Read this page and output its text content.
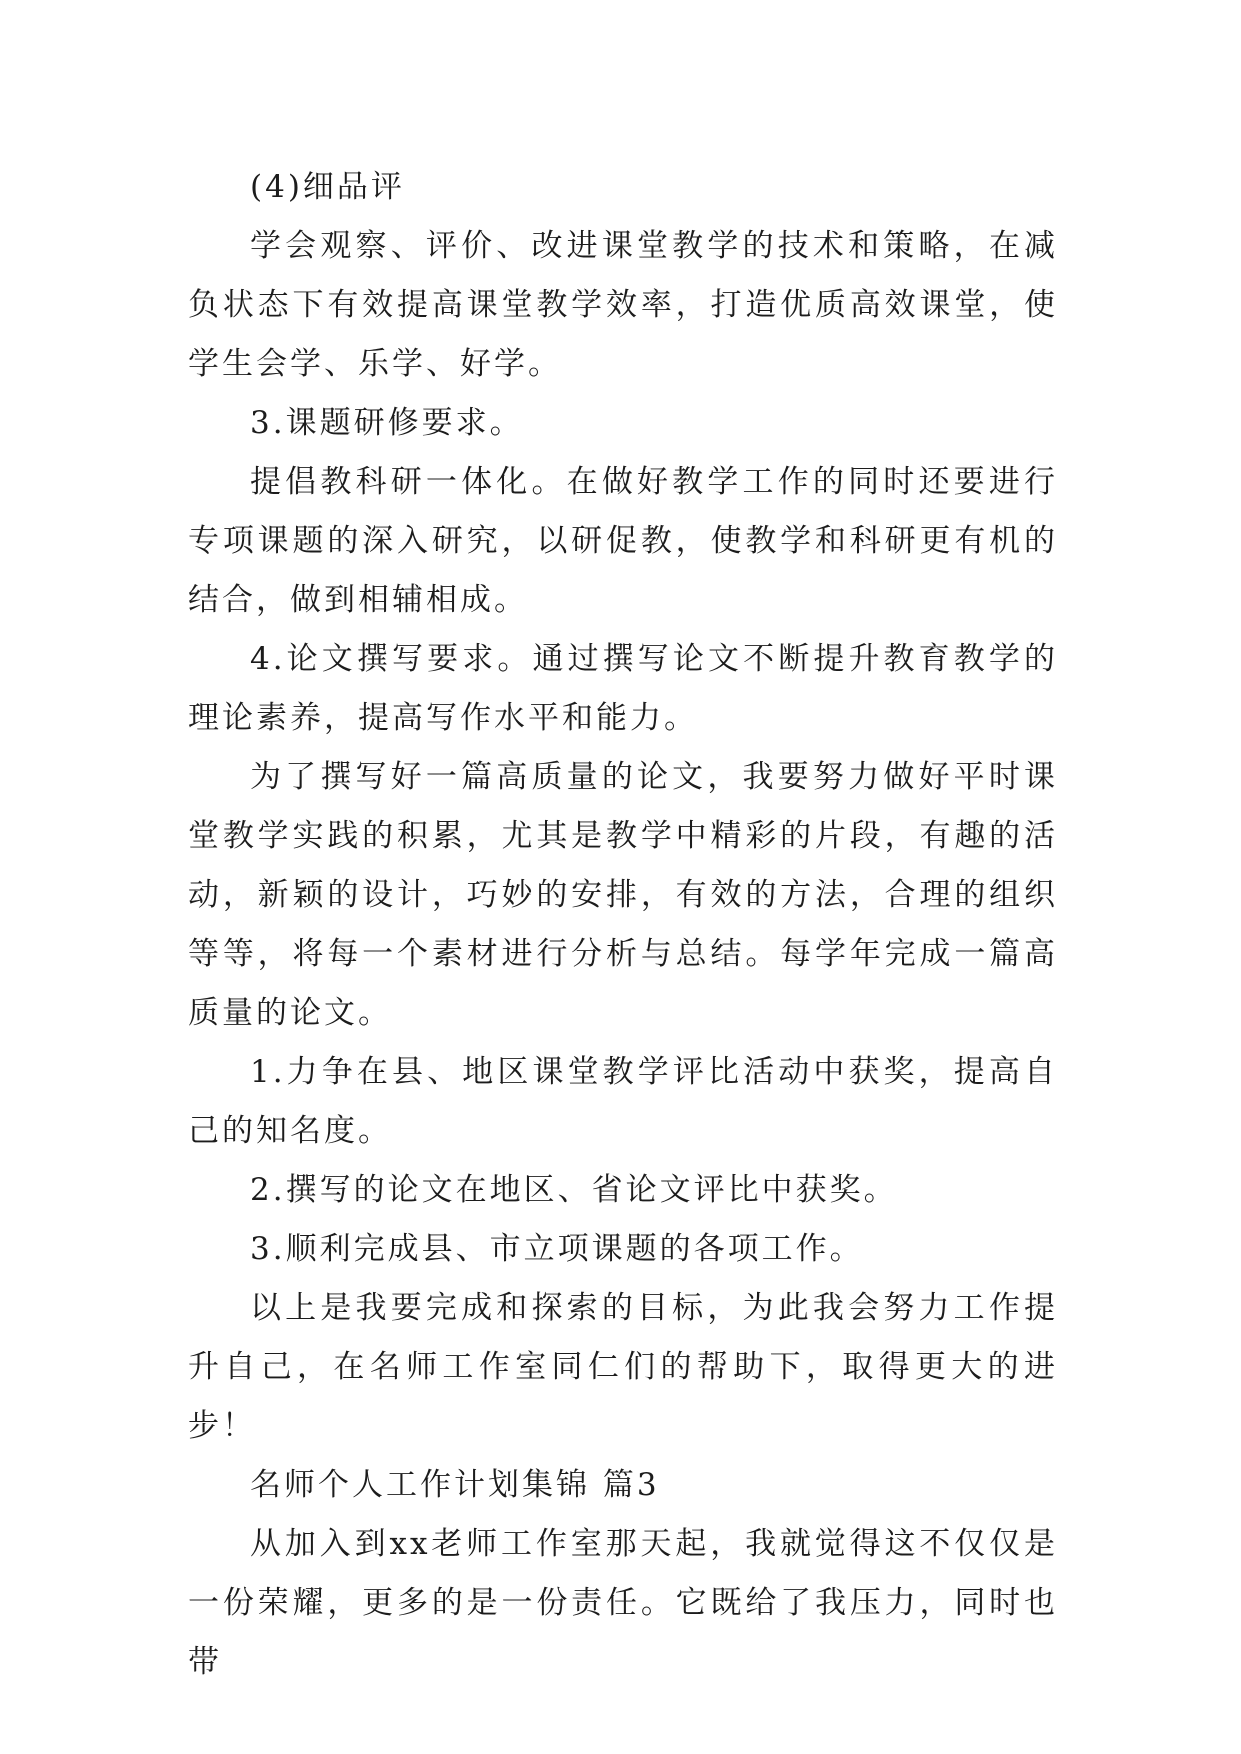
(4)细品评

学会观察、评价、改进课堂教学的技术和策略，在减负状态下有效提高课堂教学效率，打造优质高效课堂，使学生会学、乐学、好学。

3.课题研修要求。

提倡教科研一体化。在做好教学工作的同时还要进行专项课题的深入研究，以研促教，使教学和科研更有机的结合，做到相辅相成。

4.论文撰写要求。通过撰写论文不断提升教育教学的理论素养，提高写作水平和能力。

为了撰写好一篇高质量的论文，我要努力做好平时课堂教学实践的积累，尤其是教学中精彩的片段，有趣的活动，新颖的设计，巧妙的安排，有效的方法，合理的组织等等，将每一个素材进行分析与总结。每学年完成一篇高质量的论文。

1.力争在县、地区课堂教学评比活动中获奖，提高自己的知名度。

2.撰写的论文在地区、省论文评比中获奖。

3.顺利完成县、市立项课题的各项工作。

以上是我要完成和探索的目标，为此我会努力工作提升自己，在名师工作室同仁们的帮助下，取得更大的进步！

名师个人工作计划集锦 篇3

从加入到xx老师工作室那天起，我就觉得这不仅仅是一份荣耀，更多的是一份责任。它既给了我压力，同时也带
